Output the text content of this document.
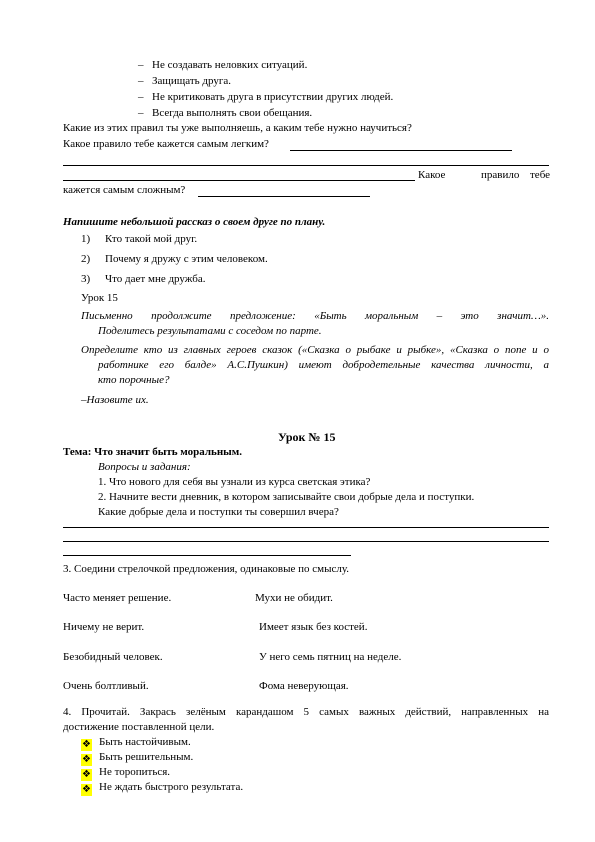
– Не создавать неловких ситуаций.
– Защищать друга.
– Не критиковать друга в присутствии других людей.
– Всегда выполнять свои обещания.
Какие из этих правил ты уже выполняешь, а каким тебе нужно научиться?
Какое правило тебе кажется самым легким?
Какое	правило тебе
кажется самым сложным?
Напишите небольшой рассказ о своем друге по плану.
1) Кто такой мой друг.
2) Почему я дружу с этим человеком.
3) Что дает мне дружба.
Урок 15
Письменно продолжите предложение: «Быть моральным – это значит…».
Поделитесь результатами с соседом по парте.
Определите кто из главных героев сказок («Сказка о рыбаке и рыбке», «Сказка о попе и о
работнике его балде» А.С.Пушкин) имеют добродетельные качества личности, а
кто порочные?
–Назовите их.
Урок № 15
Тема: Что значит быть моральным.
Вопросы и задания:
1. Что нового для себя вы узнали из курса светская этика?
2. Начните вести дневник, в котором записывайте свои добрые дела и поступки.
Какие добрые дела и поступки ты совершил вчера?
3. Соедини стрелочкой предложения, одинаковые по смыслу.
Часто меняет решение.
Ничему не верит.
Безобидный человек.
Очень болтливый.
Мухи не обидит.
Имеет язык без костей.
У него семь пятниц на неделе.
Фома неверующая.
4. Прочитай. Закрась зелёным карандашом 5 самых важных действий, направленных на
достижение поставленной цели.
❖ Быть настойчивым.
❖ Быть решительным.
❖ Не торопиться.
❖ Не ждать быстрого результата.
